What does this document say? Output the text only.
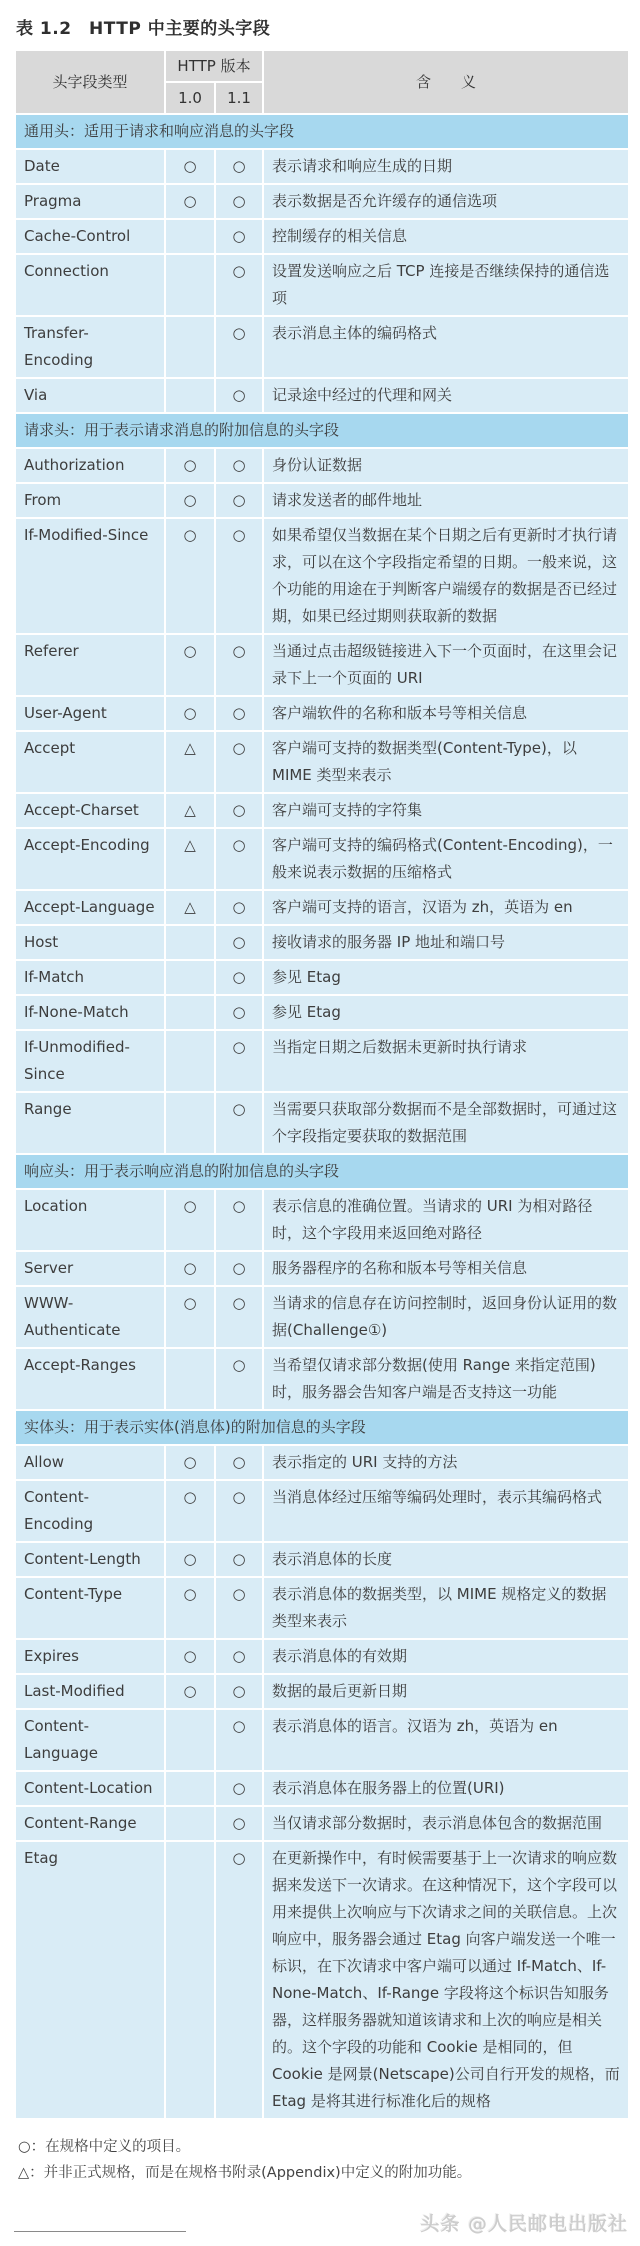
表 1.2　HTTP 中主要的头字段
头字段类型	HTTP 版本		含　　义
	1.0	1.1	
通用头：适用于请求和响应消息的头字段			
Date	○	○	表示请求和响应生成的日期
Pragma	○	○	表示数据是否允许缓存的通信选项
Cache-Control		○	控制缓存的相关信息
Connection		○	设置发送响应之后 TCP 连接是否继续保持的通信选项
Transfer-Encoding		○	表示消息主体的编码格式
Via		○	记录途中经过的代理和网关
请求头：用于表示请求消息的附加信息的头字段			
Authorization	○	○	身份认证数据
From	○	○	请求发送者的邮件地址
If-Modified-Since	○	○	如果希望仅当数据在某个日期之后有更新时才执行请求，可以在这个字段指定希望的日期。一般来说，这个功能的用途在于判断客户端缓存的数据是否已经过期，如果已经过期则获取新的数据
Referer	○	○	当通过点击超级链接进入下一个页面时，在这里会记录下上一个页面的 URI
User-Agent	○	○	客户端软件的名称和版本号等相关信息
Accept	△	○	客户端可支持的数据类型(Content-Type)，以 MIME 类型来表示
Accept-Charset	△	○	客户端可支持的字符集
Accept-Encoding	△	○	客户端可支持的编码格式(Content-Encoding)，一般来说表示数据的压缩格式
Accept-Language	△	○	客户端可支持的语言，汉语为 zh，英语为 en
Host		○	接收请求的服务器 IP 地址和端口号
If-Match		○	参见 Etag
If-None-Match		○	参见 Etag
If-Unmodified-Since		○	当指定日期之后数据未更新时执行请求
Range		○	当需要只获取部分数据而不是全部数据时，可通过这个字段指定要获取的数据范围
响应头：用于表示响应消息的附加信息的头字段			
Location	○	○	表示信息的准确位置。当请求的 URI 为相对路径时，这个字段用来返回绝对路径
Server	○	○	服务器程序的名称和版本号等相关信息
WWW-Authenticate	○	○	当请求的信息存在访问控制时，返回身份认证用的数据(Challenge①)
Accept-Ranges		○	当希望仅请求部分数据(使用 Range 来指定范围)时，服务器会告知客户端是否支持这一功能
实体头：用于表示实体(消息体)的附加信息的头字段			
Allow	○	○	表示指定的 URI 支持的方法
Content-Encoding	○	○	当消息体经过压缩等编码处理时，表示其编码格式
Content-Length	○	○	表示消息体的长度
Content-Type	○	○	表示消息体的数据类型，以 MIME 规格定义的数据类型来表示
Expires	○	○	表示消息体的有效期
Last-Modified	○	○	数据的最后更新日期
Content-Language		○	表示消息体的语言。汉语为 zh，英语为 en
Content-Location		○	表示消息体在服务器上的位置(URI)
Content-Range		○	当仅请求部分数据时，表示消息体包含的数据范围
Etag		○	在更新操作中，有时候需要基于上一次请求的响应数据来发送下一次请求。在这种情况下，这个字段可以用来提供上次响应与下次请求之间的关联信息。上次响应中，服务器会通过 Etag 向客户端发送一个唯一标识，在下次请求中客户端可以通过 If-Match、If-None-Match、If-Range 字段将这个标识告知服务器，这样服务器就知道该请求和上次的响应是相关的。这个字段的功能和 Cookie 是相同的，但 Cookie 是网景(Netscape)公司自行开发的规格，而 Etag 是将其进行标准化后的规格
○：在规格中定义的项目。
△：并非正式规格，而是在规格书附录(Appendix)中定义的附加功能。
头条 @人民邮电出版社
